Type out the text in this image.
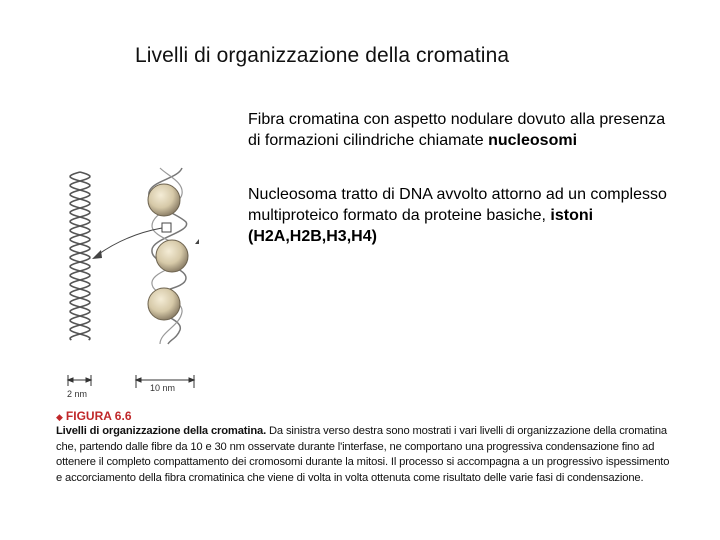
Livelli di organizzazione della cromatina
Fibra cromatina con aspetto nodulare dovuto alla presenza di formazioni cilindriche chiamate nucleosomi
Nucleosoma tratto di DNA avvolto attorno ad un complesso multiproteico formato da proteine basiche, istoni (H2A,H2B,H3,H4)
2 nm
10 nm
◆ FIGURA 6.6
Livelli di organizzazione della cromatina. Da sinistra verso destra sono mostrati i vari livelli di organizzazione della cromatina che, partendo dalle fibre da 10 e 30 nm osservate durante l'interfase, ne comportano una progressiva condensazione fino ad ottenere il completo compattamento dei cromosomi durante la mitosi. Il processo si accompagna a un progressivo ispessimento e accorciamento della fibra cromatinica che viene di volta in volta ottenuta come risultato delle varie fasi di condensazione.
